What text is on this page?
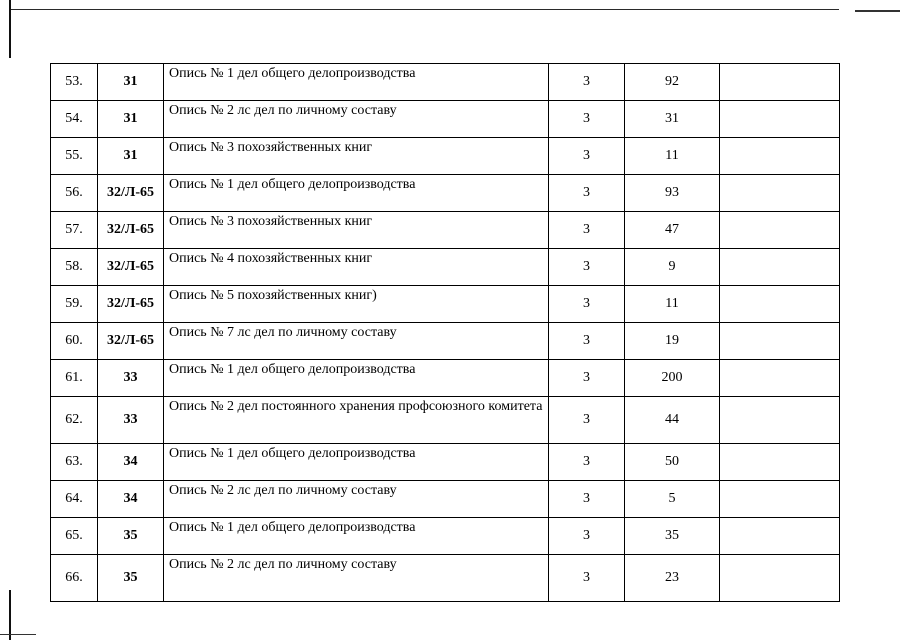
53.	31	Опись № 1 дел общего делопроизводства	3	92	
54.	31	Опись № 2 лс дел по личному составу	3	31	
55.	31	Опись № 3 похозяйственных книг	3	11	
56.	32/Л-65	Опись № 1 дел общего делопроизводства	3	93	
57.	32/Л-65	Опись № 3 похозяйственных книг	3	47	
58.	32/Л-65	Опись № 4 похозяйственных книг	3	9	
59.	32/Л-65	Опись № 5 похозяйственных книг)	3	11	
60.	32/Л-65	Опись № 7 лс дел по личному составу	3	19	
61.	33	Опись № 1 дел общего делопроизводства	3	200	
62.	33	Опись № 2 дел постоянного хранения профсоюзного комитета	3	44	
63.	34	Опись № 1 дел общего делопроизводства	3	50	
64.	34	Опись № 2 лс дел по личному составу	3	5	
65.	35	Опись № 1 дел общего делопроизводства	3	35	
66.	35	Опись № 2 лс дел по личному составу	3	23	
